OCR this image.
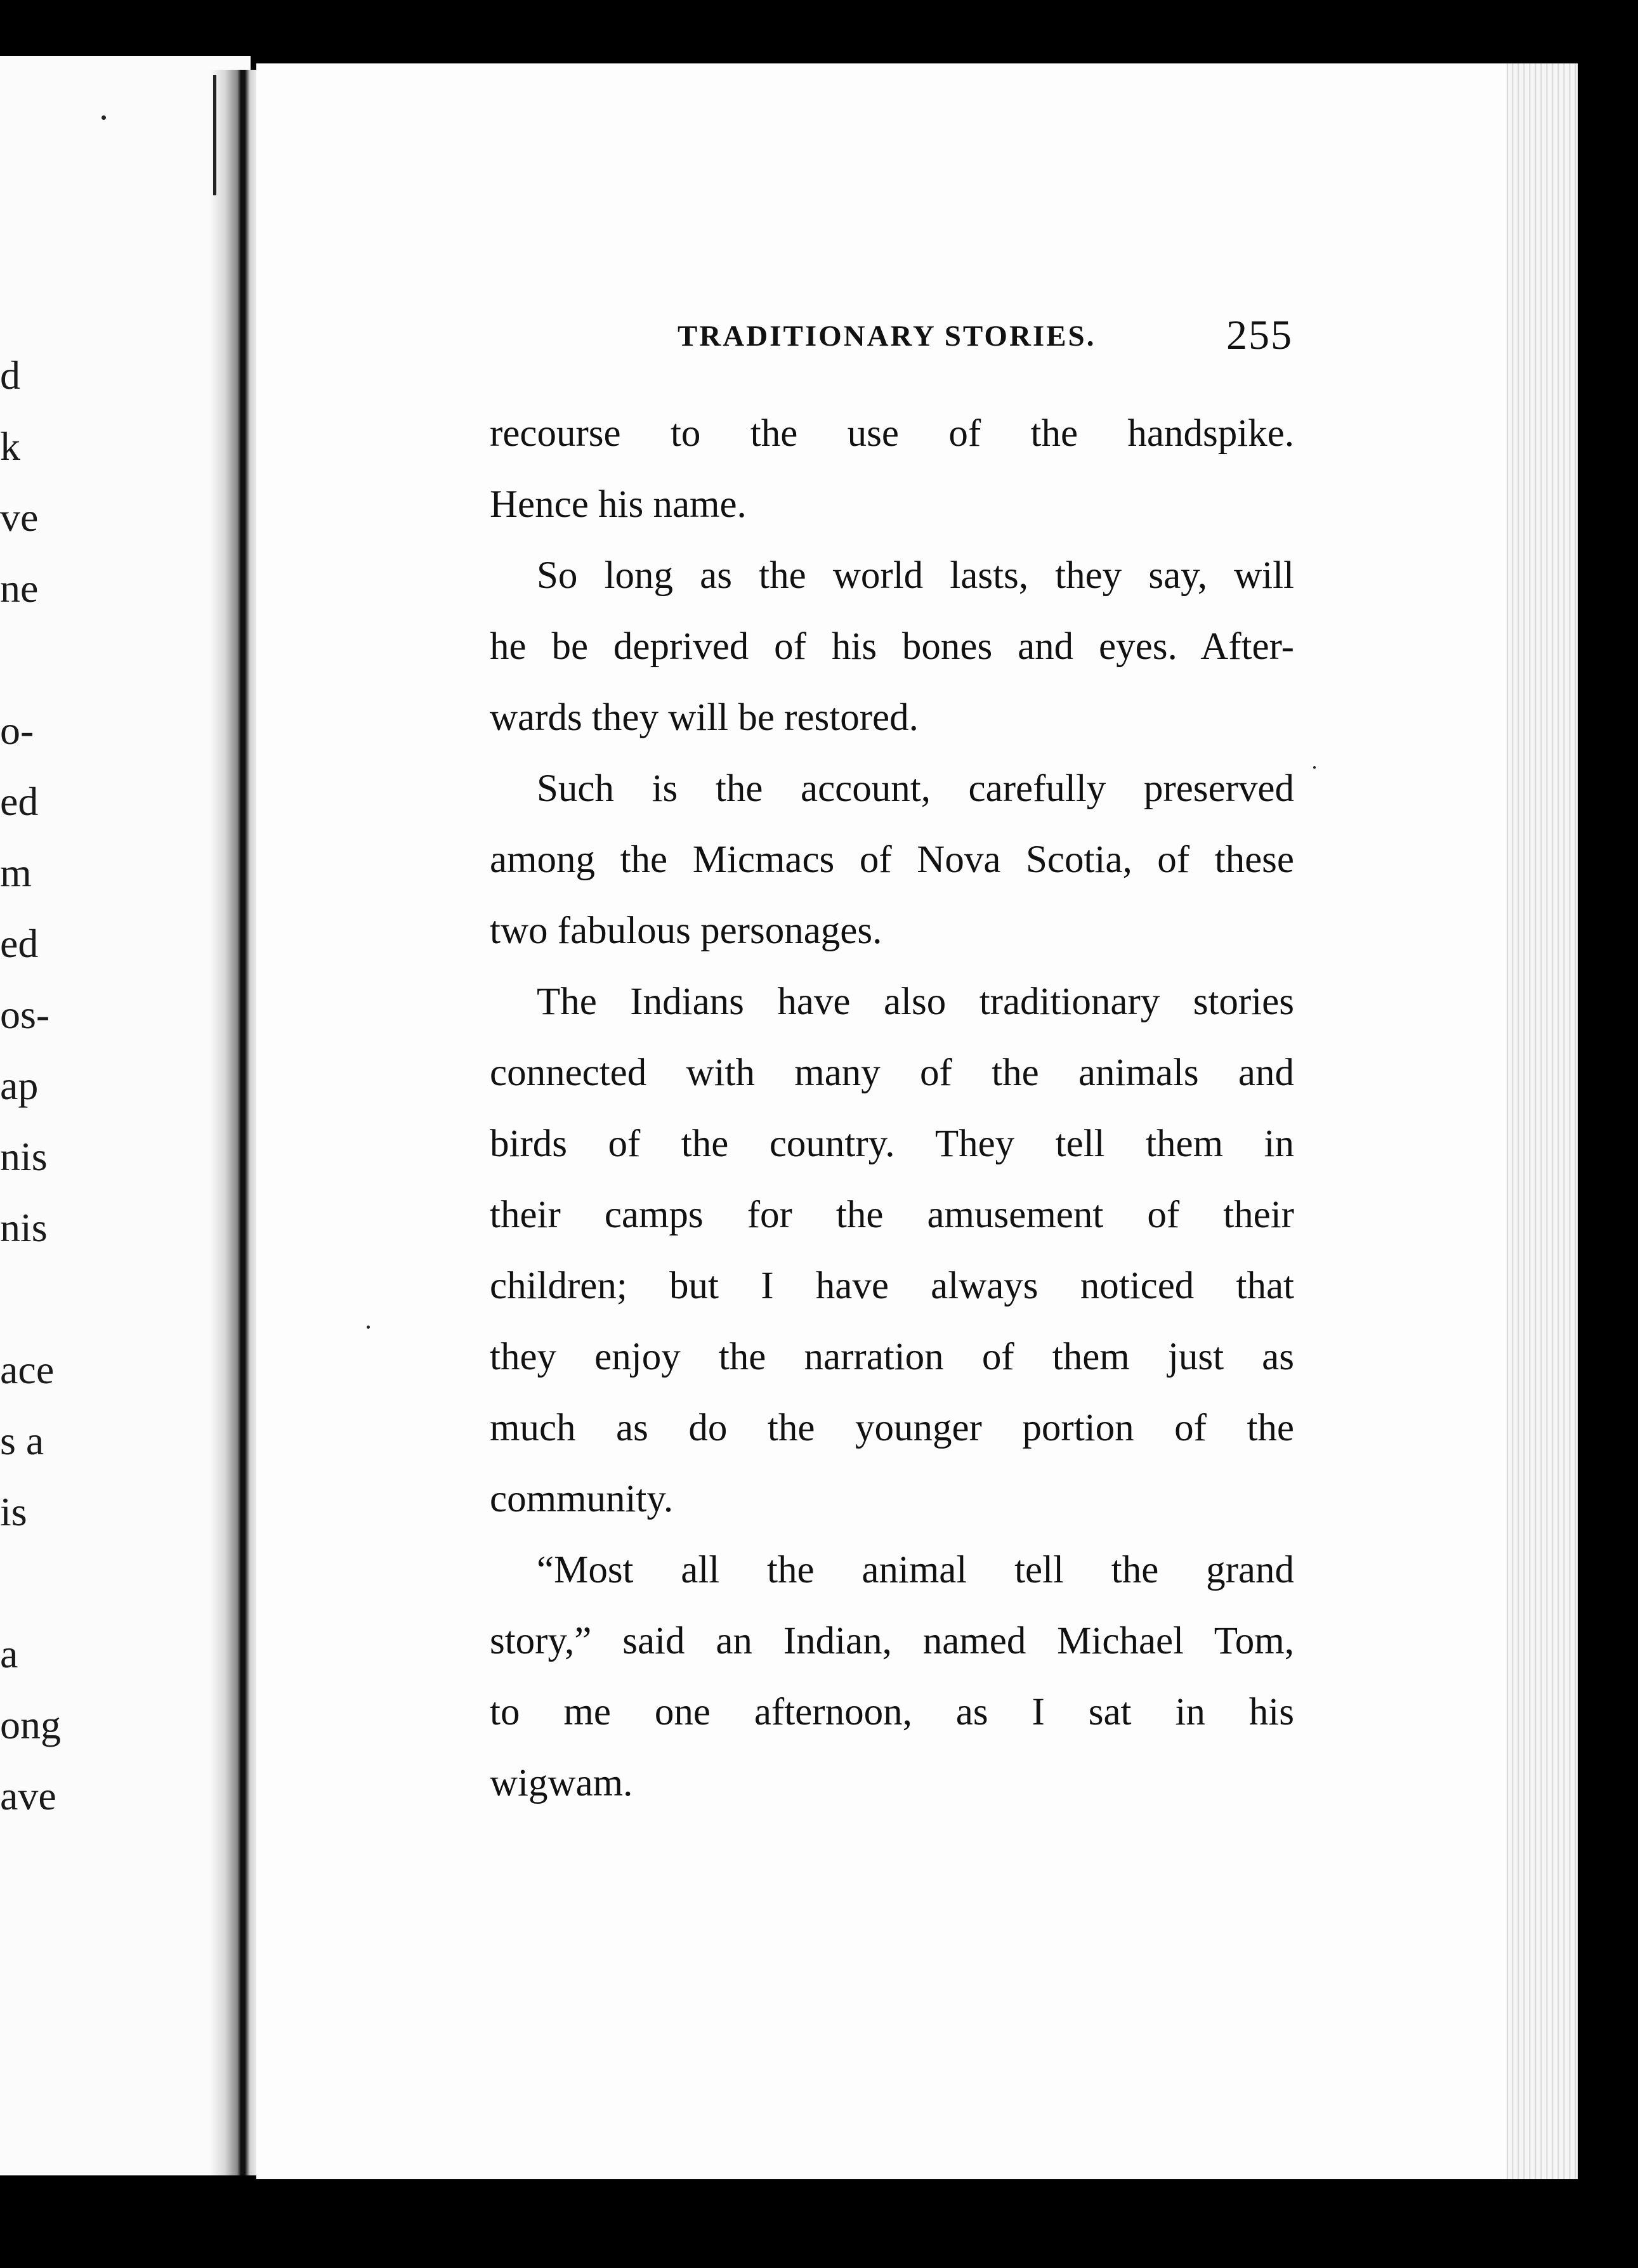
d
k
ve
ne
o-
ed
m
ed
os-
ap
nis
nis
ace
s a
is
a
ong
ave
TRADITIONARY STORIES.	255
recourse to the use of the handspike.
Hence his name.
So long as the world lasts, they say, will
he be deprived of his bones and eyes. After-
wards they will be restored.
Such is the account, carefully preserved
among the Micmacs of Nova Scotia, of these
two fabulous personages.
The Indians have also traditionary stories
connected with many of the animals and
birds of the country. They tell them in
their camps for the amusement of their
children; but I have always noticed that
they enjoy the narration of them just as
much as do the younger portion of the
community.
“Most all the animal tell the grand
story,” said an Indian, named Michael Tom,
to me one afternoon, as I sat in his
wigwam.
